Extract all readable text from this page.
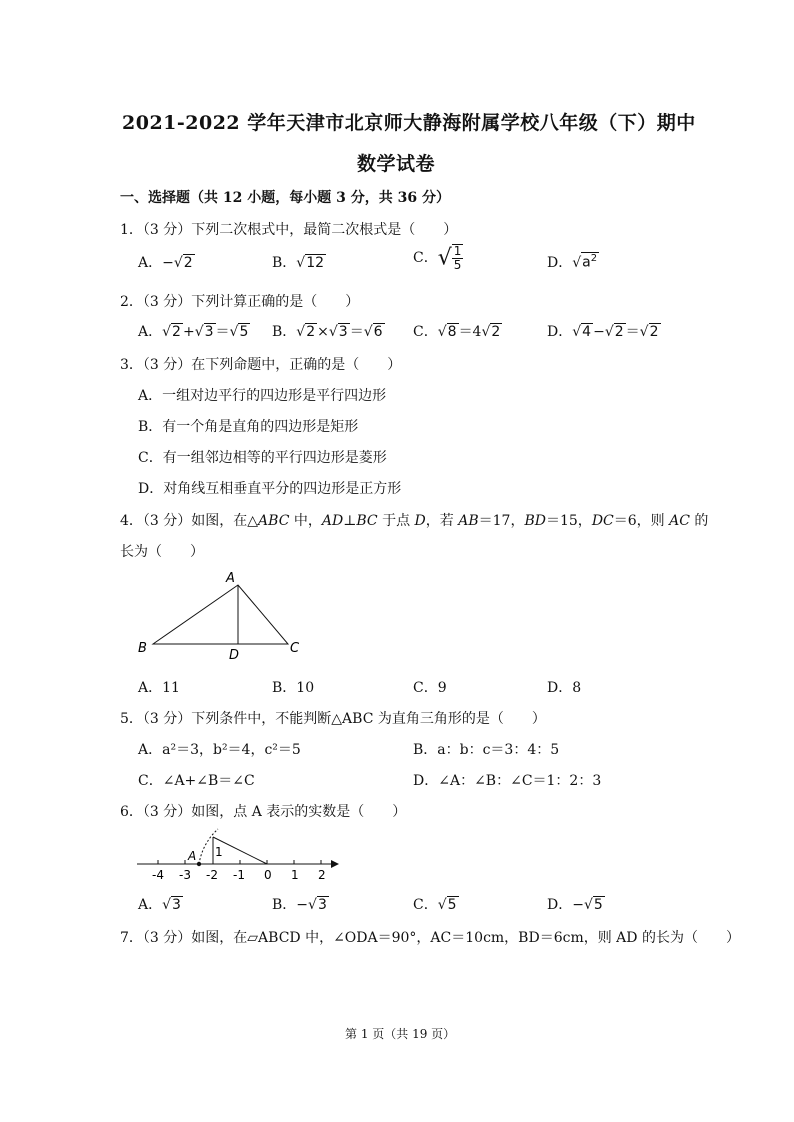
2021-2022 学年天津市北京师大静海附属学校八年级（下）期中
数学试卷
一、选择题（共 12 小题，每小题 3 分，共 36 分）
1．（3 分）下列二次根式中，最简二次根式是（　　）
A．−√2	B．√12	C．√ $\frac{1}{5}$	D．$√a^2$
2．（3 分）下列计算正确的是（　　）
A．√2 +√3 ＝√5 B．√2 ×√3 ＝√6 C．√8 ＝4√2	D．√4 −√2 ＝√2
3．（3 分）在下列命题中，正确的是（　　）
A．一组对边平行的四边形是平行四边形
B．有一个角是直角的四边形是矩形
C．有一组邻边相等的平行四边形是菱形
D．对角线互相垂直平分的四边形是正方形
4．（3 分）如图，在△ABC 中，AD⊥BC 于点 D，若 AB＝17，BD＝15，DC＝6，则 AC 的
长为（　　）
A
B	C
D
A．11	B．10	C．9	D．8
5．（3 分）下列条件中，不能判断△ABC 为直角三角形的是（　　）
A．a²＝3，b²＝4，c²＝5	B．a：b：c＝3：4：5
C．∠A+∠B＝∠C	D．∠A：∠B：∠C＝1：2：3
6．（3 分）如图，点 A 表示的实数是（　　）
A 1
-4 -3 -2 -1 0 1 2
A．√3	B．−√3	C．√5	D．−√5
7．（3 分）如图，在▱ABCD 中，∠ODA＝90°，AC＝10cm，BD＝6cm，则 AD 的长为（　　）
第 1 页（共 19 页）
